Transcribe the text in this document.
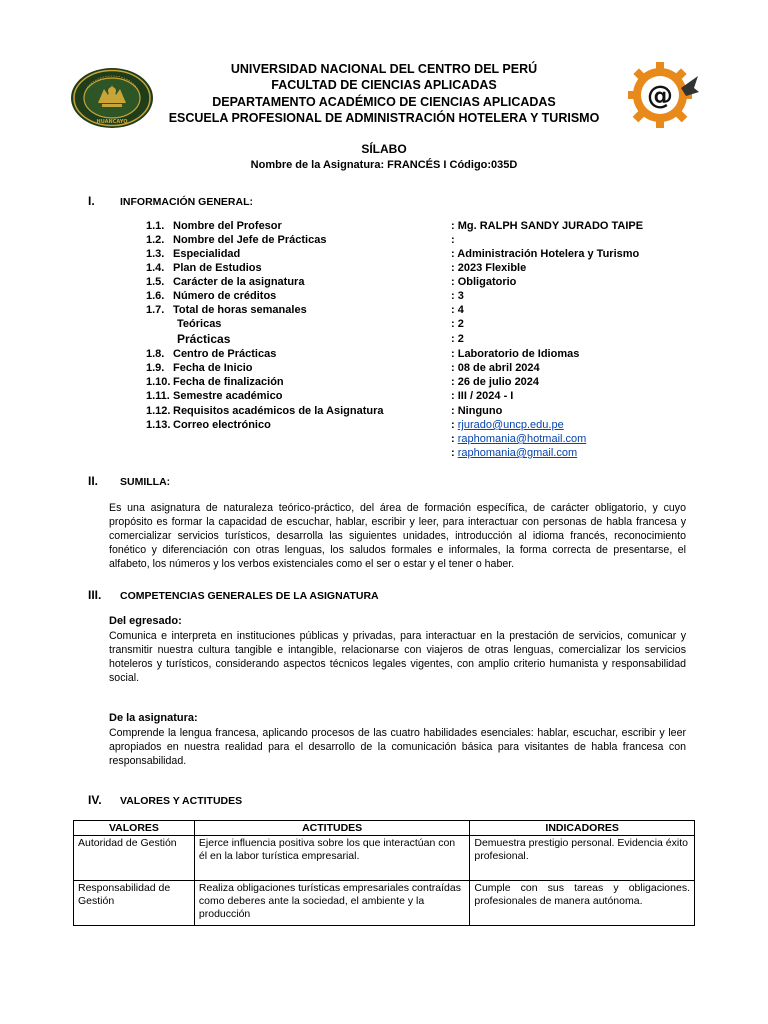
HUANCAYO
@
UNIVERSIDAD NACIONAL DEL CENTRO DEL PERÚ
FACULTAD DE CIENCIAS APLICADAS
DEPARTAMENTO ACADÉMICO DE CIENCIAS APLICADAS
ESCUELA PROFESIONAL DE ADMINISTRACIÓN HOTELERA Y TURISMO
SÍLABO
Nombre de la Asignatura: FRANCÉS I Código:035D
I. INFORMACIÓN GENERAL:
1.1. Nombre del Profesor	: Mg. RALPH SANDY JURADO TAIPE
1.2. Nombre del Jefe de Prácticas	:
1.3. Especialidad	: Administración Hotelera y Turismo
1.4. Plan de Estudios	: 2023 Flexible
1.5. Carácter de la asignatura	: Obligatorio
1.6. Número de créditos	: 3
1.7. Total de horas semanales	: 4
Teóricas	: 2
Prácticas	: 2
1.8. Centro de Prácticas	: Laboratorio de Idiomas
1.9. Fecha de Inicio	: 08 de abril 2024
1.10. Fecha de finalización	: 26 de julio 2024
1.11. Semestre académico	: III / 2024 - I
1.12. Requisitos académicos de la Asignatura	: Ninguno
1.13. Correo electrónico	: rjurado@uncp.edu.pe
: raphomania@hotmail.com
: raphomania@gmail.com
II. SUMILLA:
Es una asignatura de naturaleza teórico-práctico, del área de formación específica, de carácter obligatorio, y cuyo propósito es formar la capacidad de escuchar, hablar, escribir y leer, para interactuar con personas de habla francesa y comercializar servicios turísticos, desarrolla las siguientes unidades, introducción al idioma francés, reconocimiento fonético y diferenciación con otras lenguas, los saludos formales e informales, la forma correcta de presentarse, el alfabeto, los números y los verbos existenciales como el ser o estar y el tener o haber.
III. COMPETENCIAS GENERALES DE LA ASIGNATURA
Del egresado:
Comunica e interpreta en instituciones públicas y privadas, para interactuar en la prestación de servicios, comunicar y transmitir nuestra cultura tangible e intangible, relacionarse con viajeros de otras lenguas, comercializar los servicios hoteleros y turísticos, considerando aspectos técnicos legales vigentes, con amplio criterio humanista y responsabilidad social.
De la asignatura:
Comprende la lengua francesa, aplicando procesos de las cuatro habilidades esenciales: hablar, escuchar, escribir y leer apropiados en nuestra realidad para el desarrollo de la comunicación básica para visitantes de habla francesa con responsabilidad.
IV. VALORES Y ACTITUDES
VALORES	ACTITUDES	INDICADORES
Autoridad de Gestión	Ejerce influencia positiva sobre los que interactúan con él en la labor turística empresarial.	Demuestra prestigio personal. Evidencia éxito profesional.
Responsabilidad de Gestión	Realiza obligaciones turísticas empresariales contraídas como deberes ante la sociedad, el ambiente y la producción	Cumple con sus tareas y obligaciones. profesionales de manera autónoma.
